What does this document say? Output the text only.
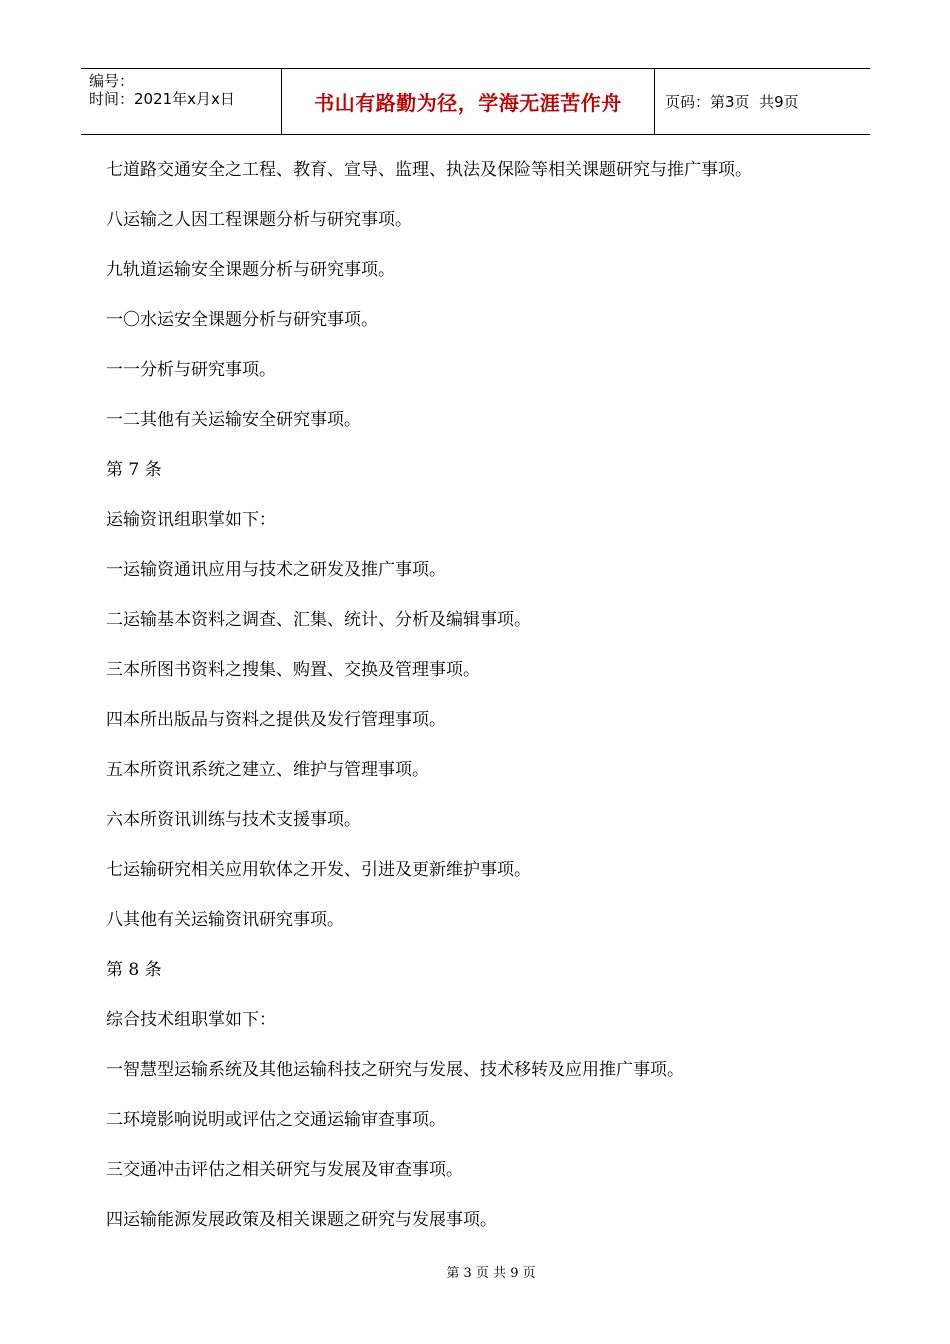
编号：
时间：2021年x月x日	书山有路勤为径，学海无涯苦作舟	页码：第3页  共9页
七道路交通安全之工程、教育、宣导、监理、执法及保险等相关课题研究与推广事项。
八运输之人因工程课题分析与研究事项。
九轨道运输安全课题分析与研究事项。
一〇水运安全课题分析与研究事项。
一一分析与研究事项。
一二其他有关运输安全研究事项。
第 7 条
运输资讯组职掌如下：
一运输资通讯应用与技术之研发及推广事项。
二运输基本资料之调查、汇集、统计、分析及编辑事项。
三本所图书资料之搜集、购置、交换及管理事项。
四本所出版品与资料之提供及发行管理事项。
五本所资讯系统之建立、维护与管理事项。
六本所资讯训练与技术支援事项。
七运输研究相关应用软体之开发、引进及更新维护事项。
八其他有关运输资讯研究事项。
第 8 条
综合技术组职掌如下：
一智慧型运输系统及其他运输科技之研究与发展、技术移转及应用推广事项。
二环境影响说明或评估之交通运输审查事项。
三交通冲击评估之相关研究与发展及审查事项。
四运输能源发展政策及相关课题之研究与发展事项。
第 3 页 共 9 页
